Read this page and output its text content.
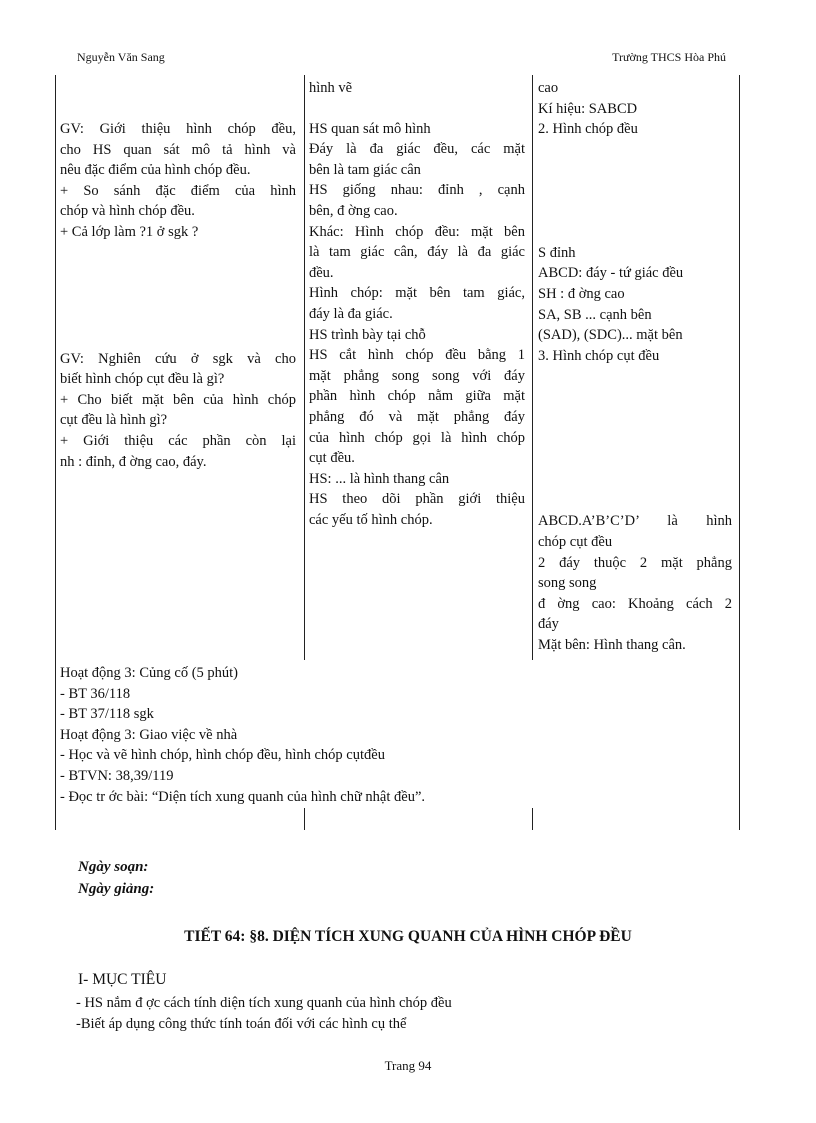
Nguyễn Văn Sang	Trường THCS Hòa Phú
GV: Giới thiệu hình chóp đều,
cho HS quan sát mô tả hình và
nêu đặc điểm của hình chóp đều.
+ So sánh đặc điểm của hình
chóp và hình chóp đều.
+ Cả lớp làm ?1 ở sgk ?
GV: Nghiên cứu ở sgk và cho
biết hình chóp cụt đều là gì?
+ Cho biết mặt bên của hình chóp
cụt đều là hình gì?
+ Giới thiệu các phần còn lại
nh : đỉnh, đ ờng cao, đáy.
hình vẽ
HS quan sát mô hình
Đáy là đa giác đều, các mặt
bên là tam giác cân
HS giống nhau: đỉnh , cạnh
bên, đ ờng cao.
Khác: Hình chóp đều: mặt bên
là tam giác cân, đáy là đa giác
đều.
Hình chóp: mặt bên tam giác,
đáy là đa giác.
HS trình bày tại chỗ
HS cắt hình chóp đều bằng 1
mặt phẳng song song với đáy
phần hình chóp nằm giữa mặt
phẳng đó và mặt phẳng đáy
của hình chóp gọi là hình chóp
cụt đều.
HS: ... là hình thang cân
HS theo dõi phần giới thiệu
các yếu tố hình chóp.
cao
Kí hiệu: SABCD
2. Hình chóp đều
S đỉnh
ABCD: đáy - tứ giác đều
SH : đ ờng cao
SA, SB ... cạnh bên
(SAD), (SDC)... mặt bên
3. Hình chóp cụt đều
ABCD.A’B’C’D’ là hình
chóp cụt đều
2 đáy thuộc 2 mặt phẳng
song song
đ ờng cao: Khoảng cách 2
đáy
Mặt bên: Hình thang cân.
Hoạt động 3: Củng cố (5 phút)
- BT 36/118
- BT 37/118 sgk
Hoạt động 3: Giao việc về nhà
- Học và vẽ hình chóp, hình chóp đều, hình chóp cụtđều
- BTVN: 38,39/119
- Đọc tr ớc bài: “Diện tích xung quanh của hình chữ nhật đều”.
Ngày soạn:
Ngày giảng:
TIẾT 64: §8. DIỆN TÍCH XUNG QUANH CỦA HÌNH CHÓP ĐỀU
I- MỤC TIÊU
- HS nắm đ ợc cách tính diện tích xung quanh của hình chóp đều
-Biết áp dụng công thức tính toán đối với các hình cụ thể
Trang 94
